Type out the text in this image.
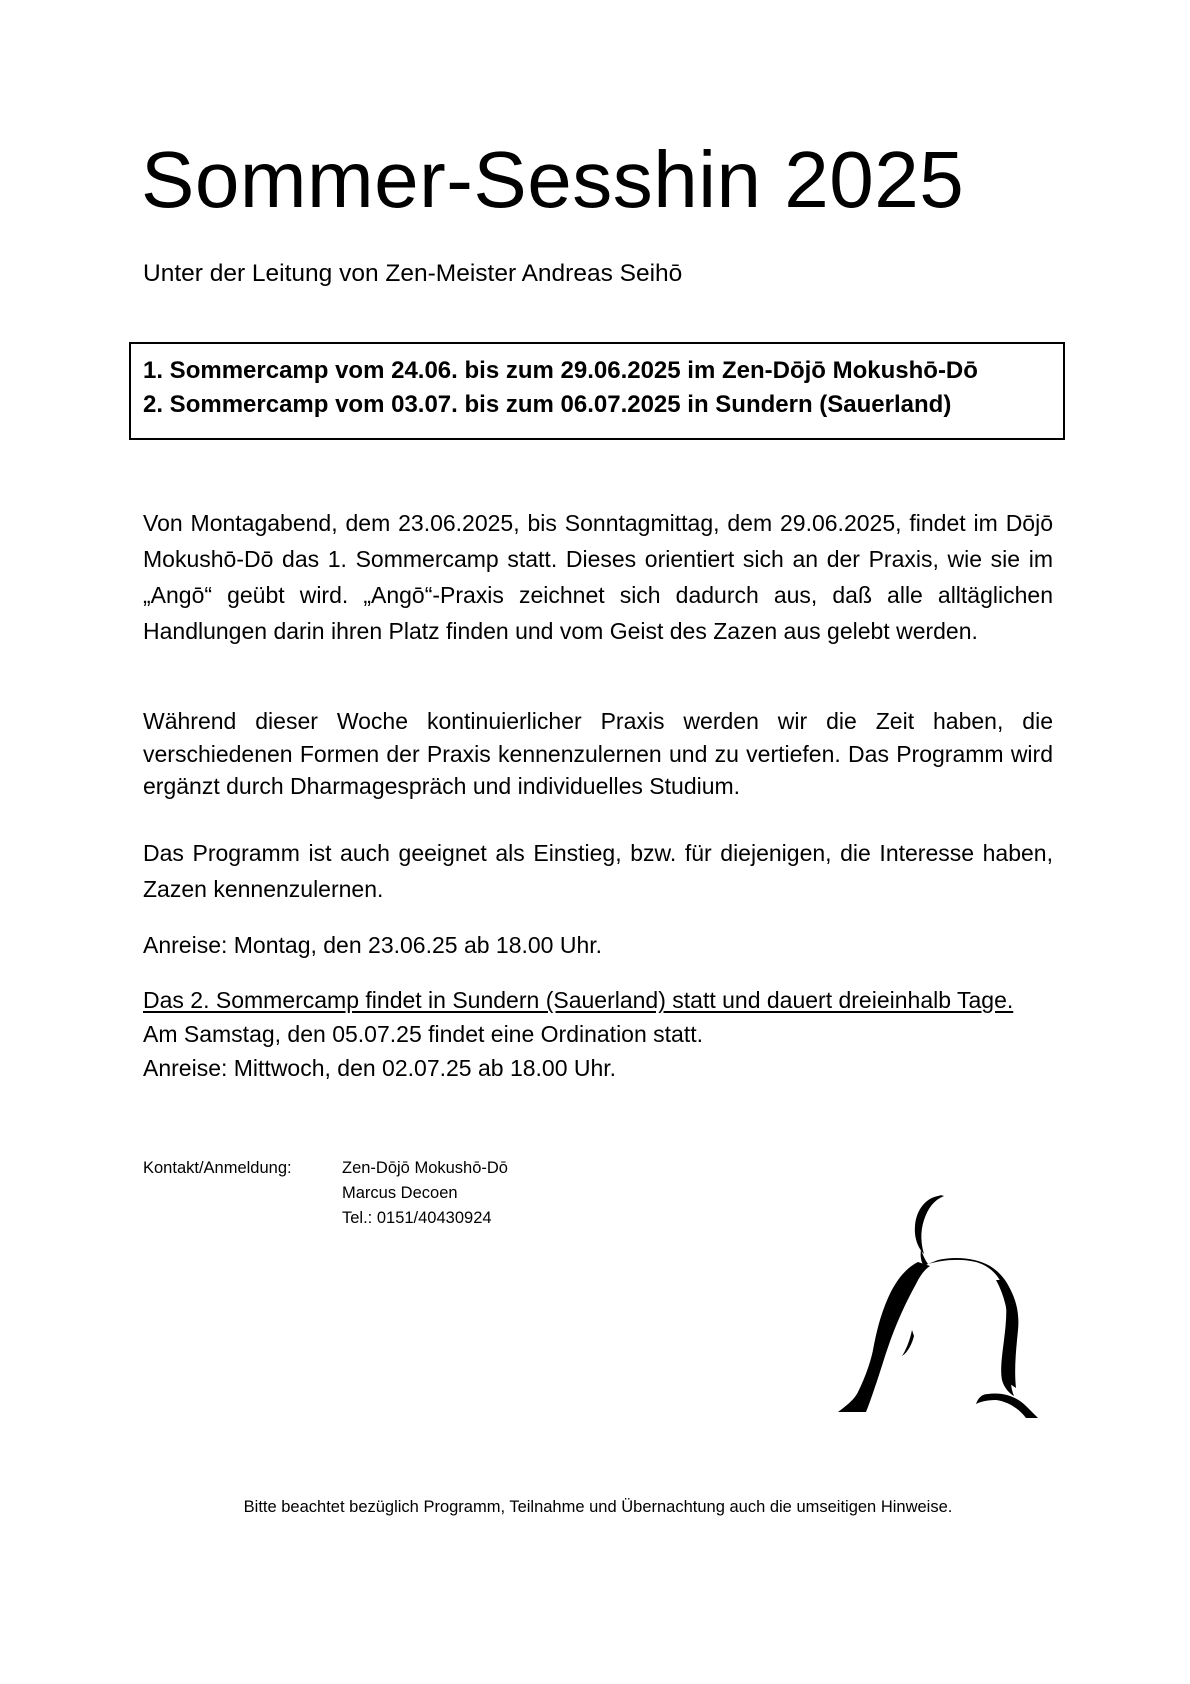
Sommer-Sesshin 2025

Unter der Leitung von Zen-Meister Andreas Seihō

1. Sommercamp vom 24.06. bis zum 29.06.2025 im Zen-Dōjō Mokushō-Dō
2. Sommercamp vom 03.07. bis zum 06.07.2025 in Sundern (Sauerland)

Von Montagabend, dem 23.06.2025, bis Sonntagmittag, dem 29.06.2025, findet im Dōjō Mokushō-Dō das 1. Sommercamp statt. Dieses orientiert sich an der Praxis, wie sie im „Angō“ geübt wird. „Angō“-Praxis zeichnet sich dadurch aus, daß alle alltäglichen Handlungen darin ihren Platz finden und vom Geist des Zazen aus gelebt werden.

Während dieser Woche kontinuierlicher Praxis werden wir die Zeit haben, die verschiedenen Formen der Praxis kennenzulernen und zu vertiefen. Das Programm wird ergänzt durch Dharmagespräch und individuelles Studium.

Das Programm ist auch geeignet als Einstieg, bzw. für diejenigen, die Interesse haben, Zazen kennenzulernen.

Anreise: Montag, den 23.06.25 ab 18.00 Uhr.

Das 2. Sommercamp findet in Sundern (Sauerland) statt und dauert dreieinhalb Tage.
Am Samstag, den 05.07.25 findet eine Ordination statt.
Anreise: Mittwoch, den 02.07.25 ab 18.00 Uhr.
Kontakt/Anmeldung:	Zen-Dōjō Mokushō-Dō
Marcus Decoen
Tel.: 0151/40430924
Bitte beachtet bezüglich Programm, Teilnahme und Übernachtung auch die umseitigen Hinweise.
